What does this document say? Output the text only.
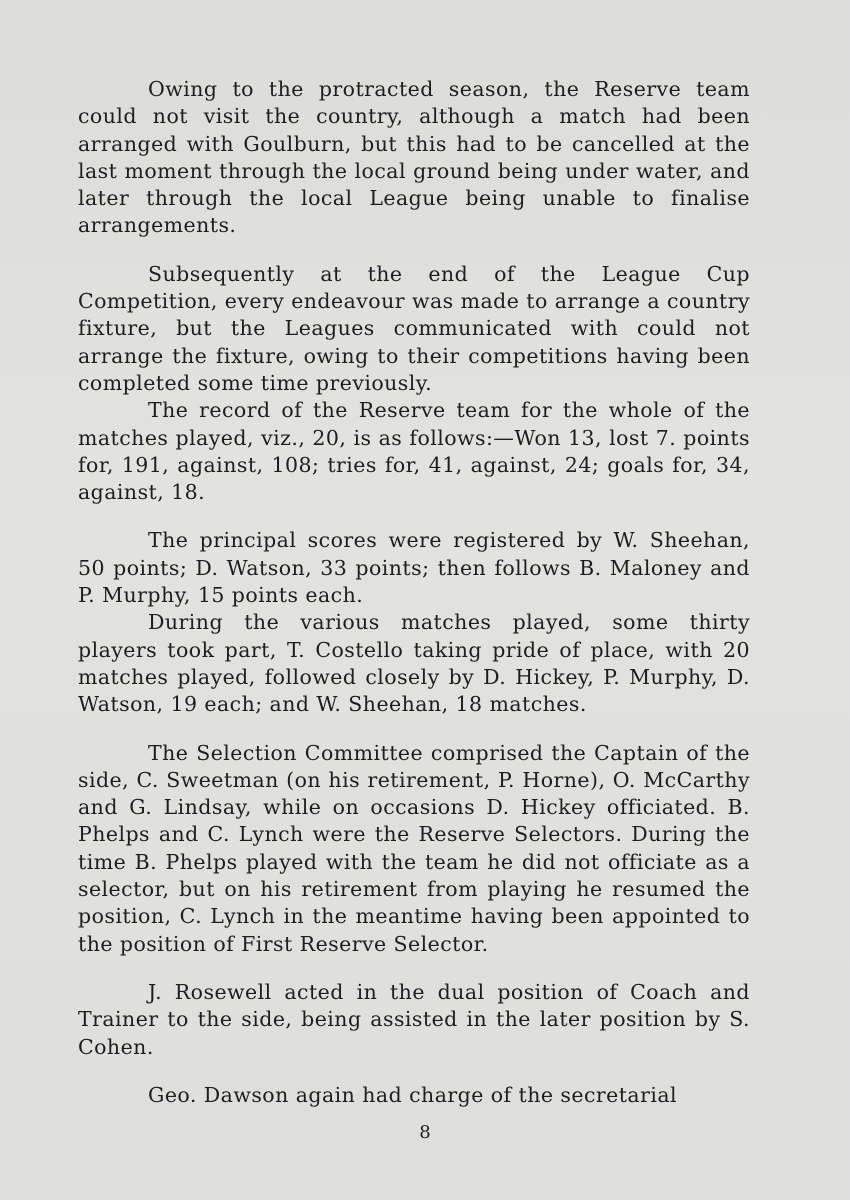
Owing to the protracted season, the Reserve team could not visit the country, although a match had been arranged with Goulburn, but this had to be cancelled at the last moment through the local ground being under water, and later through the local League being unable to finalise arrangements.

Subsequently at the end of the League Cup Competition, every endeavour was made to arrange a country fixture, but the Leagues communicated with could not arrange the fixture, owing to their competitions having been completed some time previously.

The record of the Reserve team for the whole of the matches played, viz., 20, is as follows:—Won 13, lost 7. points for, 191, against, 108; tries for, 41, against, 24; goals for, 34, against, 18.

The principal scores were registered by W. Sheehan, 50 points; D. Watson, 33 points; then follows B. Maloney and P. Murphy, 15 points each.

During the various matches played, some thirty players took part, T. Costello taking pride of place, with 20 matches played, followed closely by D. Hickey, P. Murphy, D. Watson, 19 each; and W. Sheehan, 18 matches.

The Selection Committee comprised the Captain of the side, C. Sweetman (on his retirement, P. Horne), O. McCarthy and G. Lindsay, while on occasions D. Hickey officiated. B. Phelps and C. Lynch were the Reserve Selectors. During the time B. Phelps played with the team he did not officiate as a selector, but on his retirement from playing he resumed the position, C. Lynch in the meantime having been appointed to the position of First Reserve Selector.

J. Rosewell acted in the dual position of Coach and Trainer to the side, being assisted in the later position by S. Cohen.

Geo. Dawson again had charge of the secretarial

8
